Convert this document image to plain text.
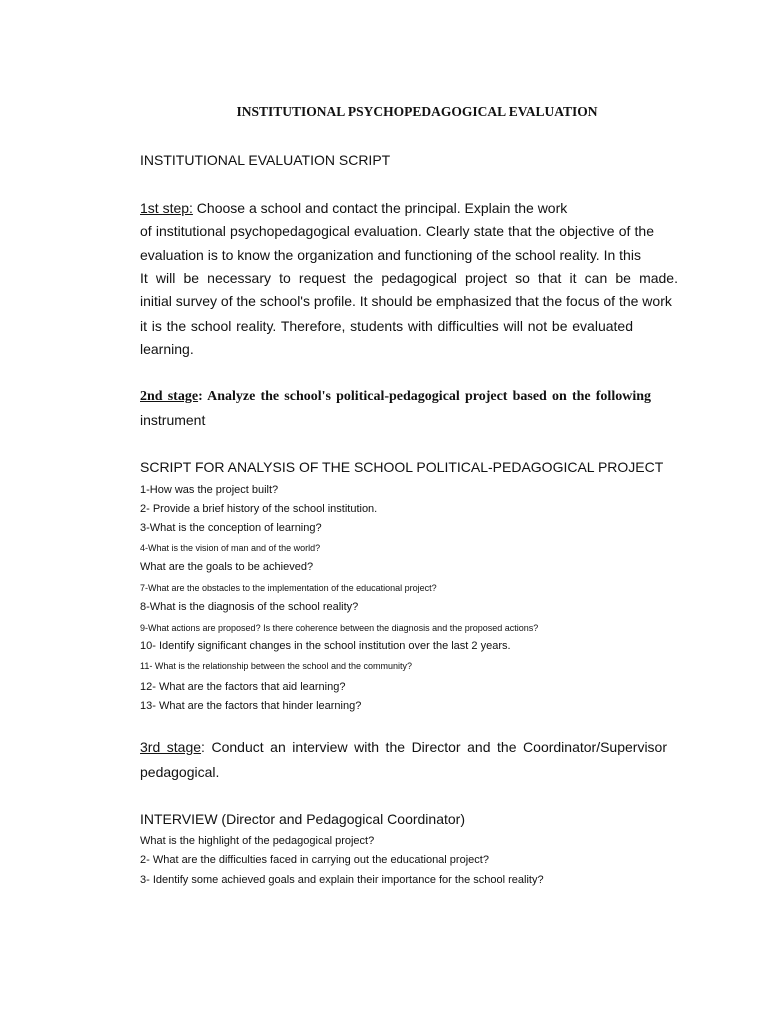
INSTITUTIONAL PSYCHOPEDAGOGICAL EVALUATION
INSTITUTIONAL EVALUATION SCRIPT
1st step: Choose a school and contact the principal. Explain the work
of institutional psychopedagogical evaluation. Clearly state that the objective of the
evaluation is to know the organization and functioning of the school reality. In this
It will be necessary to request the pedagogical project so that it can be made.
initial survey of the school's profile. It should be emphasized that the focus of the work
it is the school reality. Therefore, students with difficulties will not be evaluated
learning.
2nd stage: Analyze the school's political-pedagogical project based on the following
instrument
SCRIPT FOR ANALYSIS OF THE SCHOOL POLITICAL-PEDAGOGICAL PROJECT
1-How was the project built?
2- Provide a brief history of the school institution.
3-What is the conception of learning?
4-What is the vision of man and of the world?
What are the goals to be achieved?
7-What are the obstacles to the implementation of the educational project?
8-What is the diagnosis of the school reality?
9-What actions are proposed? Is there coherence between the diagnosis and the proposed actions?
10- Identify significant changes in the school institution over the last 2 years.
11- What is the relationship between the school and the community?
12- What are the factors that aid learning?
13- What are the factors that hinder learning?
3rd stage: Conduct an interview with the Director and the Coordinator/Supervisor
pedagogical.
INTERVIEW (Director and Pedagogical Coordinator)
What is the highlight of the pedagogical project?
2- What are the difficulties faced in carrying out the educational project?
3- Identify some achieved goals and explain their importance for the school reality?
